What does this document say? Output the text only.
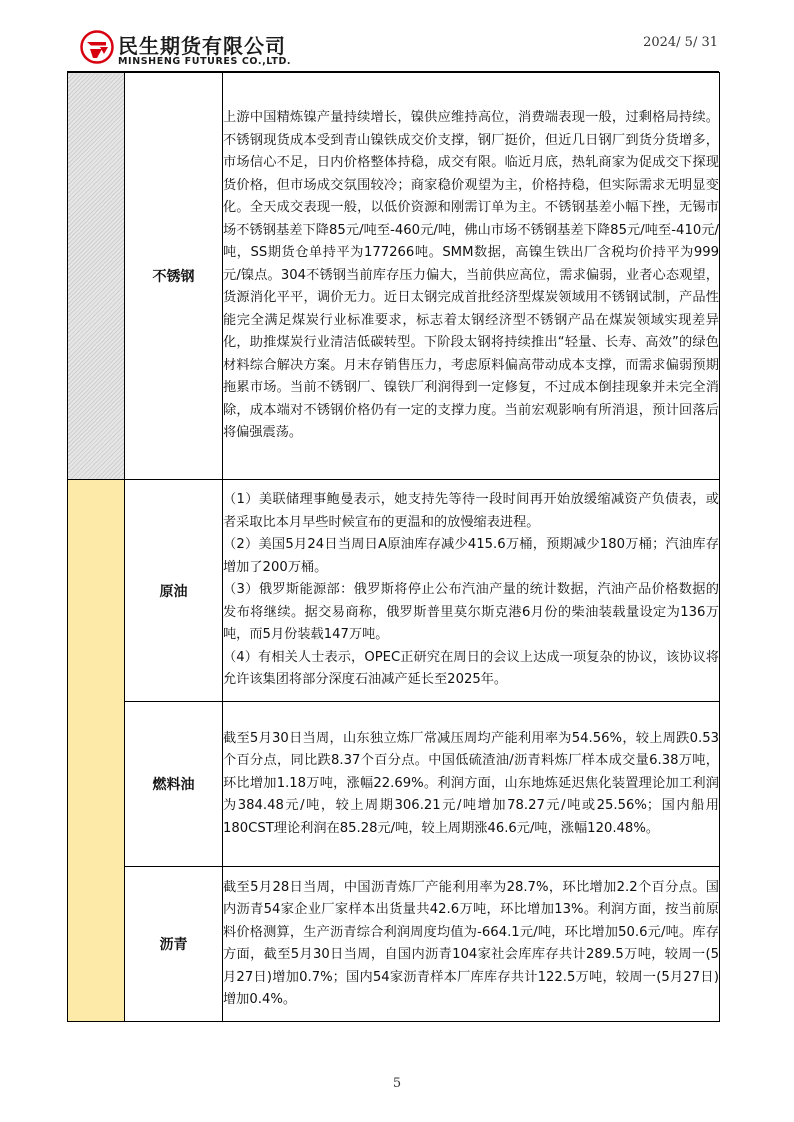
民生期货有限公司
MINSHENG FUTURES CO.,LTD.
2024/ 5/ 31
	不锈钢	上游中国精炼镍产量持续增长，镍供应维持高位，消费端表现一般，过剩格局持续。不锈钢现货成本受到青山镍铁成交价支撑，钢厂挺价，但近几日钢厂到货分货增多，市场信心不足，日内价格整体持稳，成交有限。临近月底，热轧商家为促成交下探现货价格，但市场成交氛围较冷；商家稳价观望为主，价格持稳，但实际需求无明显变化。全天成交表现一般，以低价资源和刚需订单为主。不锈钢基差小幅下挫，无锡市场不锈钢基差下降85元/吨至-460元/吨，佛山市场不锈钢基差下降85元/吨至-410元/吨，SS期货仓单持平为177266吨。SMM数据，高镍生铁出厂含税均价持平为999元/镍点。304不锈钢当前库存压力偏大，当前供应高位，需求偏弱，业者心态观望，货源消化平平，调价无力。近日太钢完成首批经济型煤炭领域用不锈钢试制，产品性能完全满足煤炭行业标准要求，标志着太钢经济型不锈钢产品在煤炭领域实现差异化，助推煤炭行业清洁低碳转型。下阶段太钢将持续推出“轻量、长寿、高效”的绿色材料综合解决方案。月末存销售压力，考虑原料偏高带动成本支撑，而需求偏弱预期拖累市场。当前不锈钢厂、镍铁厂利润得到一定修复，不过成本倒挂现象并未完全消除，成本端对不锈钢价格仍有一定的支撑力度。当前宏观影响有所消退，预计回落后将偏强震荡。

	原油	（1）美联储理事鲍曼表示，她支持先等待一段时间再开始放缓缩减资产负债表，或者采取比本月早些时候宣布的更温和的放慢缩表进程。

（2）美国5月24日当周日A原油库存减少415.6万桶，预期减少180万桶；汽油库存增加了200万桶。

（3）俄罗斯能源部：俄罗斯将停止公布汽油产量的统计数据，汽油产品价格数据的发布将继续。据交易商称，俄罗斯普里莫尔斯克港6月份的柴油装载量设定为136万吨，而5月份装载147万吨。

（4）有相关人士表示，OPEC正研究在周日的会议上达成一项复杂的协议，该协议将允许该集团将部分深度石油减产延长至2025年。

	燃料油	截至5月30日当周，山东独立炼厂常减压周均产能利用率为54.56%，较上周跌0.53个百分点，同比跌8.37个百分点。中国低硫渣油/沥青料炼厂样本成交量6.38万吨，环比增加1.18万吨，涨幅22.69%。利润方面，山东地炼延迟焦化装置理论加工利润为384.48元/吨，较上周期306.21元/吨增加78.27元/吨或25.56%；国内船用180CST理论利润在85.28元/吨，较上周期涨46.6元/吨，涨幅120.48%。

	沥青	截至5月28日当周，中国沥青炼厂产能利用率为28.7%，环比增加2.2个百分点。国内沥青54家企业厂家样本出货量共42.6万吨，环比增加13%。利润方面，按当前原料价格测算，生产沥青综合利润周度均值为-664.1元/吨，环比增加50.6元/吨。库存方面，截至5月30日当周，自国内沥青104家社会库库存共计289.5万吨，较周一(5月27日)增加0.7%；国内54家沥青样本厂库库存共计122.5万吨，较周一(5月27日)增加0.4%。

5
